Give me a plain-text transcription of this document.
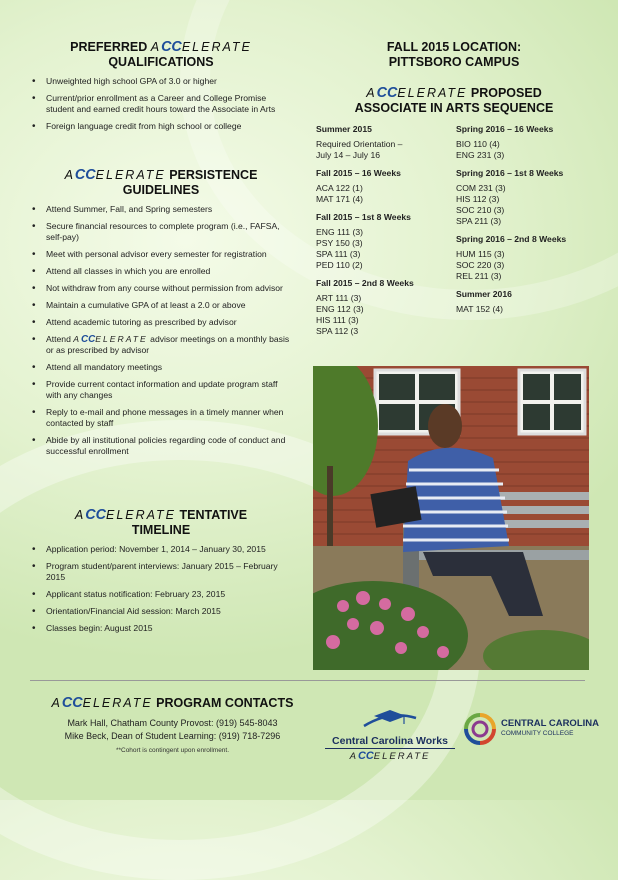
PREFERRED ACCELERATE
QUALIFICATIONS
• Unweighted high school GPA of 3.0 or higher
• Current/prior enrollment as a Career and College Promise student and earned credit hours toward the Associate in Arts
• Foreign language credit from high school or college
ACCELERATE PERSISTENCE
GUIDELINES
• Attend Summer, Fall, and Spring semesters
• Secure financial resources to complete program (i.e., FAFSA, self-pay)
• Meet with personal advisor every semester for registration
• Attend all classes in which you are enrolled
• Not withdraw from any course without permission from advisor
• Maintain a cumulative GPA of at least a 2.0 or above
• Attend academic tutoring as prescribed by advisor
• Attend ACCELERATE advisor meetings on a monthly basis or as prescribed by advisor
• Attend all mandatory meetings
• Provide current contact information and update program staff with any changes
• Reply to e-mail and phone messages in a timely manner when contacted by staff
• Abide by all institutional policies regarding code of conduct and successful enrollment
ACCELERATE TENTATIVE
TIMELINE
• Application period: November 1, 2014 – January 30, 2015
• Program student/parent interviews: January 2015 – February 2015
• Applicant status notification: February 23, 2015
• Orientation/Financial Aid session: March 2015
• Classes begin: August 2015
FALL 2015 LOCATION:
PITTSBORO CAMPUS
ACCELERATE PROPOSED
ASSOCIATE IN ARTS SEQUENCE
Summer 2015
Required Orientation –
July 14 – July 16
Fall 2015 – 16 Weeks
ACA 122 (1)
MAT 171 (4)
Fall 2015 – 1st 8 Weeks
ENG 111 (3)
PSY 150 (3)
SPA 111 (3)
PED 110 (2)
Fall 2015 – 2nd 8 Weeks
ART 111 (3)
ENG 112 (3)
HIS 111 (3)
SPA 112 (3
Spring 2016 – 16 Weeks
BIO 110 (4)
ENG 231 (3)
Spring 2016 – 1st 8 Weeks
COM 231 (3)
HIS 112 (3)
SOC 210 (3)
SPA 211 (3)
Spring 2016 – 2nd 8 Weeks
HUM 115 (3)
SOC 220 (3)
REL 211 (3)
Summer 2016
MAT 152 (4)
ACCELERATE PROGRAM CONTACTS
Mark Hall, Chatham County Provost: (919) 545-8043
Mike Beck, Dean of Student Learning: (919) 718-7296
**Cohort is contingent upon enrollment.
Central Carolina Works
ACCELERATE
CENTRAL CAROLINA
COMMUNITY COLLEGE
